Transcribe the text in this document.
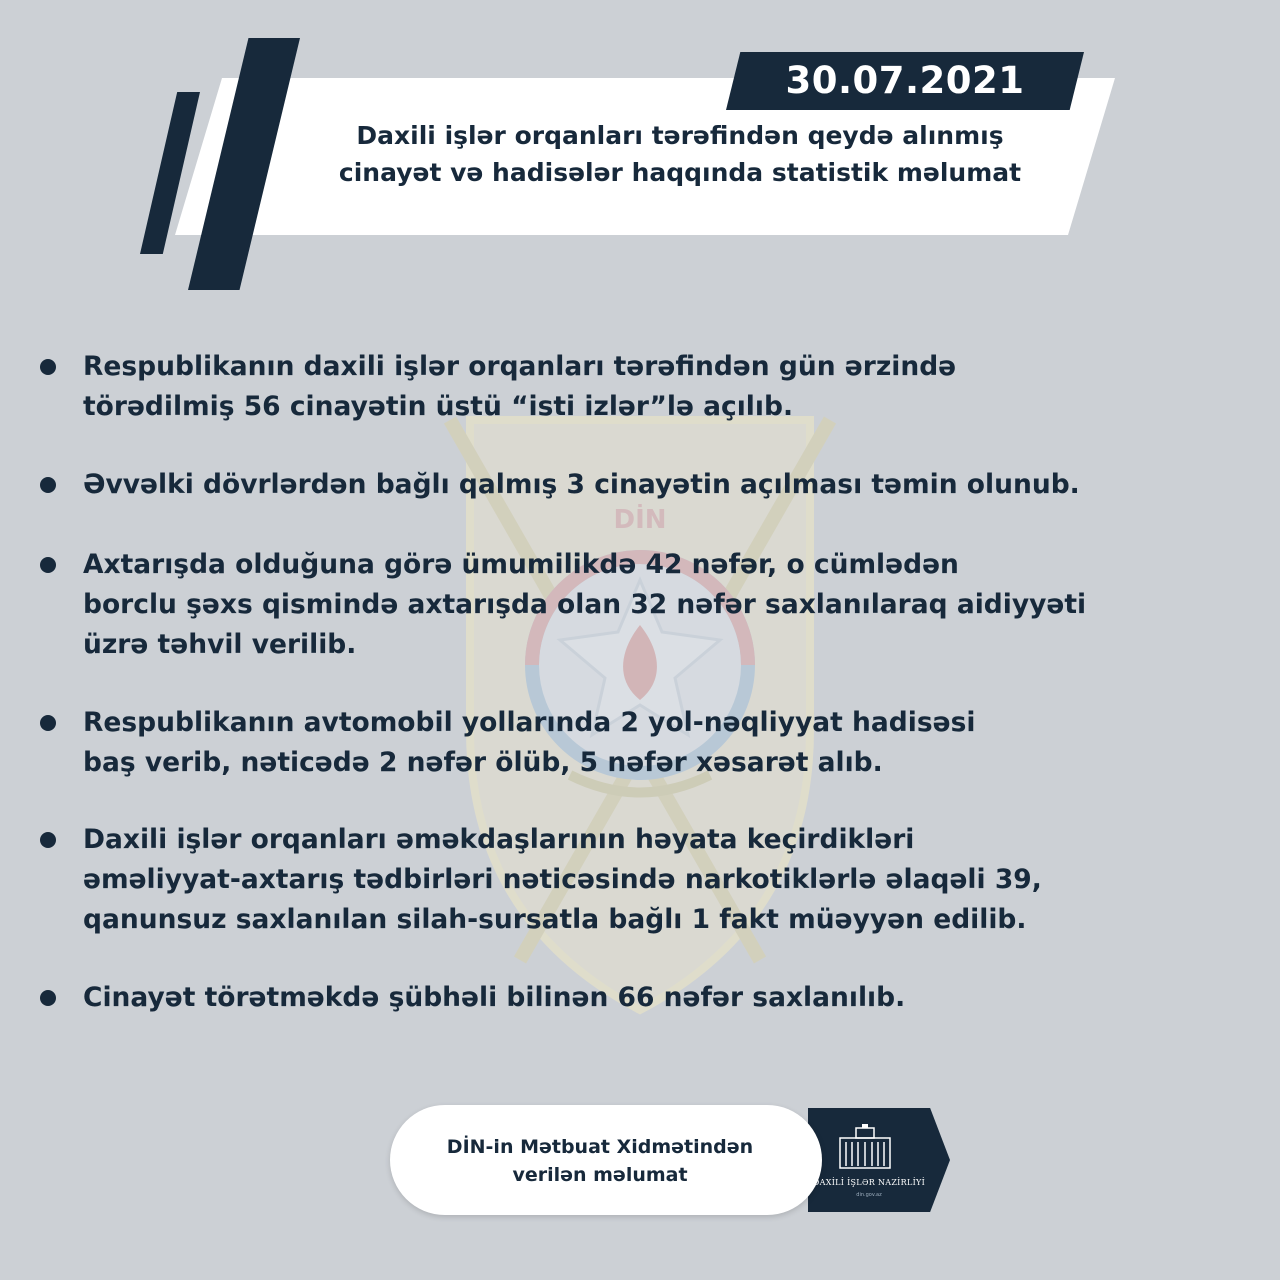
30.07.2021
Daxili işlər orqanları tərəfindən qeydə alınmış
cinayət və hadisələr haqqında statistik məlumat
DİN
Respublikanın daxili işlər orqanları tərəfindən gün ərzində
törədilmiş 56 cinayətin üstü “isti izlər”lə açılıb.
Əvvəlki dövrlərdən bağlı qalmış 3 cinayətin açılması təmin olunub.
Axtarışda olduğuna görə ümumilikdə 42 nəfər, o cümlədən
borclu şəxs qismində axtarışda olan 32 nəfər saxlanılaraq aidiyyəti
üzrə təhvil verilib.
Respublikanın avtomobil yollarında 2 yol-nəqliyyat hadisəsi
baş verib, nəticədə 2 nəfər ölüb, 5 nəfər xəsarət alıb.
Daxili işlər orqanları əməkdaşlarının həyata keçirdikləri
əməliyyat-axtarış tədbirləri nəticəsində narkotiklərlə əlaqəli 39,
qanunsuz saxlanılan silah-sursatla bağlı 1 fakt müəyyən edilib.
Cinayət törətməkdə şübhəli bilinən 66 nəfər saxlanılıb.
DİN-in Mətbuat Xidmətindən
verilən məlumat	DAXİLİ İŞLƏR NAZİRLİYİ
din.gov.az
